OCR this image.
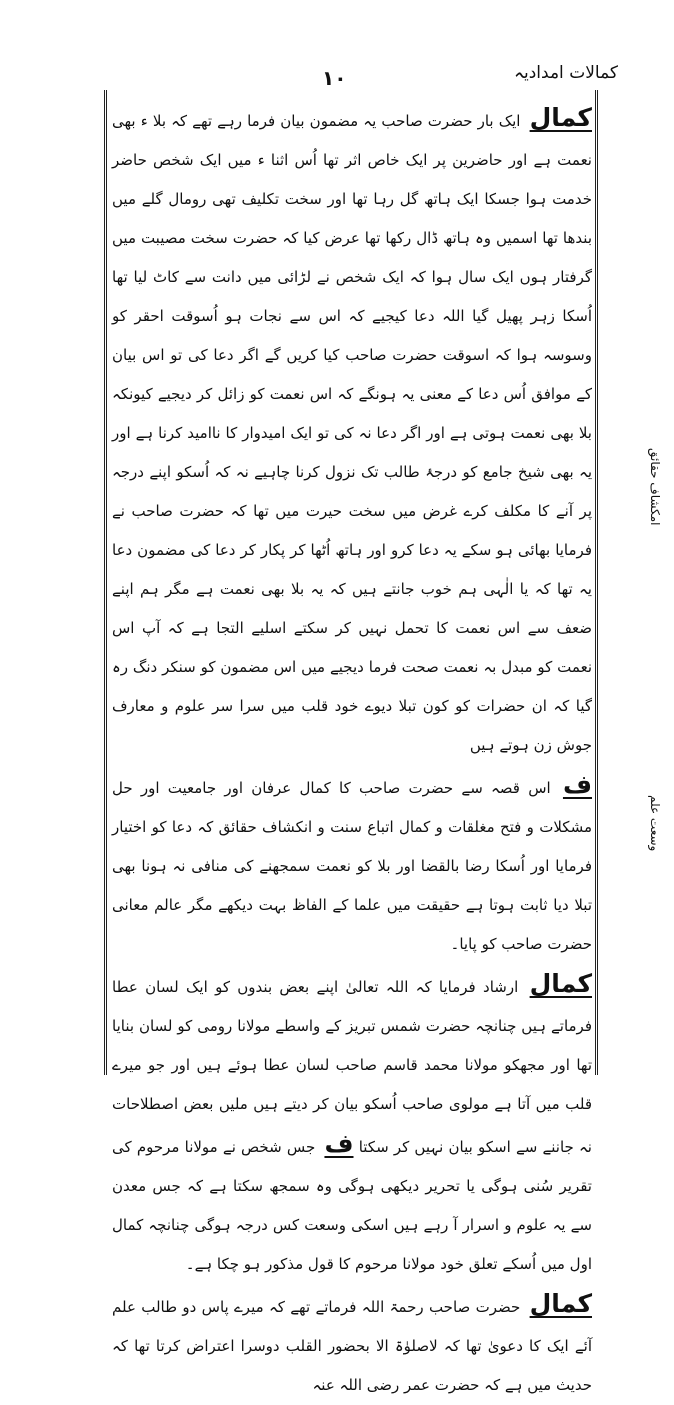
۱۰	کمالات امدادیہ

کمال ایک بار حضرت صاحب یہ مضمون بیان فرما رہے تھے کہ بلا ء بھی نعمت ہے اور حاضرین پر ایک خاص اثر تھا اُس اثنا ء میں ایک شخص حاضر خدمت ہوا جسکا ایک ہاتھ گل رہا تھا اور سخت تکلیف تھی رومال گلے میں بندھا تھا اسمیں وہ ہاتھ ڈال رکھا تھا عرض کیا کہ حضرت سخت مصیبت میں گرفتار ہوں ایک سال ہوا کہ ایک شخص نے لڑائی میں دانت سے کاٹ لیا تھا اُسکا زہر پھیل گیا اللہ دعا کیجیے کہ اس سے نجات ہو اُسوقت احقر کو وسوسہ ہوا کہ اسوقت حضرت صاحب کیا کریں گے اگر دعا کی تو اس بیان کے موافق اُس دعا کے معنی یہ ہونگے کہ اس نعمت کو زائل کر دیجیے کیونکہ بلا بھی نعمت ہوتی ہے اور اگر دعا نہ کی تو ایک امیدوار کا ناامید کرنا ہے اور یہ بھی شیخ جامع کو درجۂ طالب تک نزول کرنا چاہیے نہ کہ اُسکو اپنے درجہ پر آنے کا مکلف کرے غرض میں سخت حیرت میں تھا کہ حضرت صاحب نے فرمایا بھائی ہو سکے یہ دعا کرو اور ہاتھ اُٹھا کر پکار کر دعا کی مضمون دعا یہ تھا کہ یا الٰہی ہم خوب جانتے ہیں کہ یہ بلا بھی نعمت ہے مگر ہم اپنے ضعف سے اس نعمت کا تحمل نہیں کر سکتے اسلیے التجا ہے کہ آپ اس نعمت کو مبدل بہ نعمت صحت فرما دیجیے میں اس مضمون کو سنکر دنگ رہ گیا کہ ان حضرات کو کون تبلا دیوے خود قلب میں سرا سر علوم و معارف جوش زن ہوتے ہیں

ف اس قصہ سے حضرت صاحب کا کمال عرفان اور جامعیت اور حل مشکلات و فتح مغلقات و کمال اتباع سنت و انکشاف حقائق کہ دعا کو اختیار فرمایا اور اُسکا رضا بالقضا اور بلا کو نعمت سمجھنے کی منافی نہ ہونا بھی تبلا دیا ثابت ہوتا ہے حقیقت میں علما کے الفاظ بہت دیکھے مگر عالم معانی حضرت صاحب کو پایا۔

کمال ارشاد فرمایا کہ اللہ تعالیٰ اپنے بعض بندوں کو ایک لسان عطا فرماتے ہیں چنانچہ حضرت شمس تبریز کے واسطے مولانا رومی کو لسان بنایا تھا اور مجھکو مولانا محمد قاسم صاحب لسان عطا ہوئے ہیں اور جو میرے قلب میں آتا ہے مولوی صاحب اُسکو بیان کر دیتے ہیں ملیں بعض اصطلاحات نہ جاننے سے اسکو بیان نہیں کر سکتا ف جس شخص نے مولانا مرحوم کی تقریر سُنی ہوگی یا تحریر دیکھی ہوگی وہ سمجھ سکتا ہے کہ جس معدن سے یہ علوم و اسرار آ رہے ہیں اسکی وسعت کس درجہ ہوگی چنانچہ کمال اول میں اُسکے تعلق خود مولانا مرحوم کا قول مذکور ہو چکا ہے۔

کمال حضرت صاحب رحمۃ اللہ فرماتے تھے کہ میرے پاس دو طالب علم آئے ایک کا دعویٰ تھا کہ لاصلوٰۃ الا بحضور القلب دوسرا اعتراض کرتا تھا کہ حدیث میں ہے کہ حضرت عمر رضی اللہ عنہ

امکشاف حقائق
وسعت علم
